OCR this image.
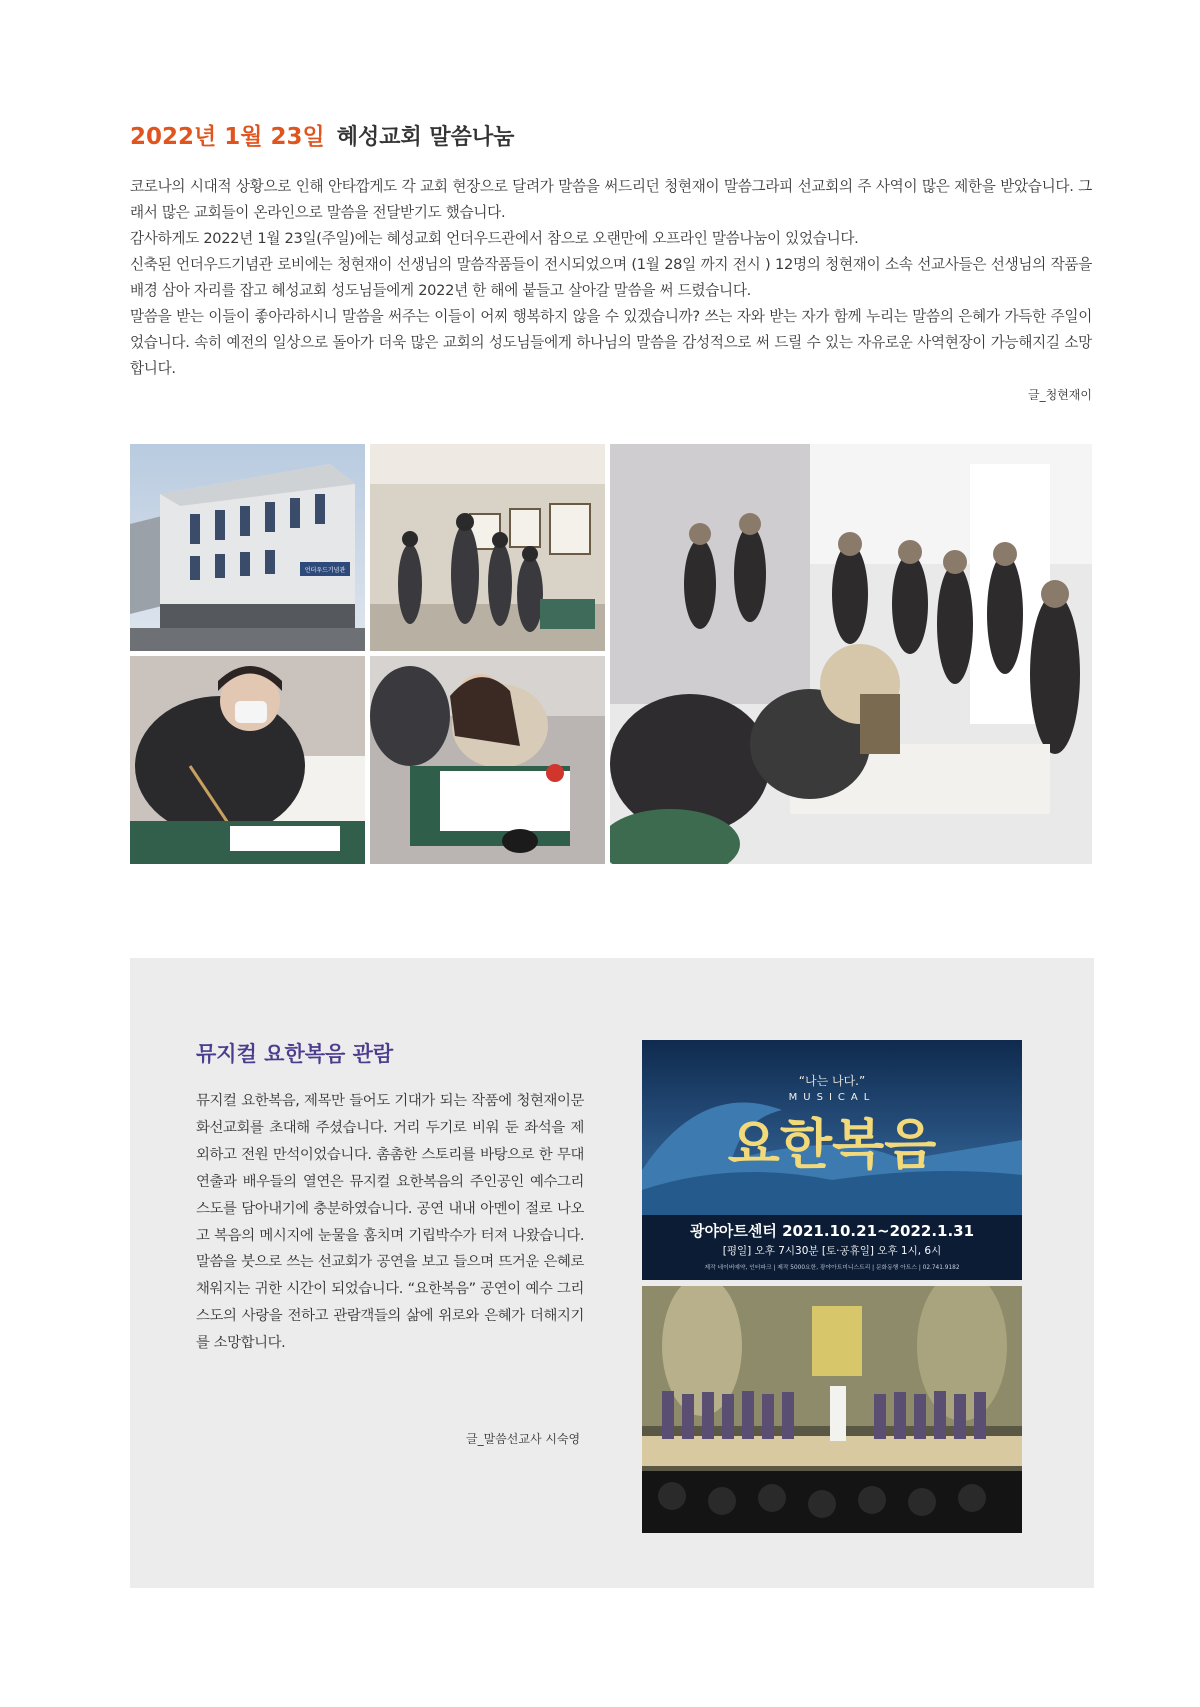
2022년 1월 23일 혜성교회 말씀나눔

코로나의 시대적 상황으로 인해 안타깝게도 각 교회 현장으로 달려가 말씀을 써드리던 청현재이 말씀그라피 선교회의 주 사역이 많은 제한을 받았습니다. 그래서 많은 교회들이 온라인으로 말씀을 전달받기도 했습니다.

감사하게도 2022년 1월 23일(주일)에는 혜성교회 언더우드관에서 참으로 오랜만에 오프라인 말씀나눔이 있었습니다.

신축된 언더우드기념관 로비에는 청현재이 선생님의 말씀작품들이 전시되었으며 (1월 28일 까지 전시 ) 12명의 청현재이 소속 선교사들은 선생님의 작품을 배경 삼아 자리를 잡고 혜성교회 성도님들에게 2022년 한 해에 붙들고 살아갈 말씀을 써 드렸습니다.

말씀을 받는 이들이 좋아라하시니 말씀을 써주는 이들이 어찌 행복하지 않을 수 있겠습니까? 쓰는 자와 받는 자가 함께 누리는 말씀의 은혜가 가득한 주일이었습니다. 속히 예전의 일상으로 돌아가 더욱 많은 교회의 성도님들에게 하나님의 말씀을 감성적으로 써 드릴 수 있는 자유로운 사역현장이 가능해지길 소망합니다.

글_청현재이

언더우드기념관
뮤지컬 요한복음 관람

뮤지컬 요한복음, 제목만 들어도 기대가 되는 작품에 청현재이문화선교회를 초대해 주셨습니다. 거리 두기로 비워 둔 좌석을 제외하고 전원 만석이었습니다. 촘촘한 스토리를 바탕으로 한 무대연출과 배우들의 열연은 뮤지컬 요한복음의 주인공인 예수그리스도를 담아내기에 충분하였습니다. 공연 내내 아멘이 절로 나오고 복음의 메시지에 눈물을 훔치며 기립박수가 터져 나왔습니다. 말씀을 붓으로 쓰는 선교회가 공연을 보고 들으며 뜨거운 은혜로 채워지는 귀한 시간이 되었습니다. “요한복음” 공연이 예수 그리스도의 사랑을 전하고 관람객들의 삶에 위로와 은혜가 더해지기를 소망합니다.

글_말씀선교사 시숙영

“나는 나다.”
MUSICAL
요한복음
광야아트센터 2021.10.21~2022.1.31
[평일] 오후 7시30분 [토·공휴일] 오후 1시, 6시
제작 네이버예약, 인터파크 | 제작 5000요한, 광야아트미니스트리 | 문화동행 아트스 | 02.741.9182
